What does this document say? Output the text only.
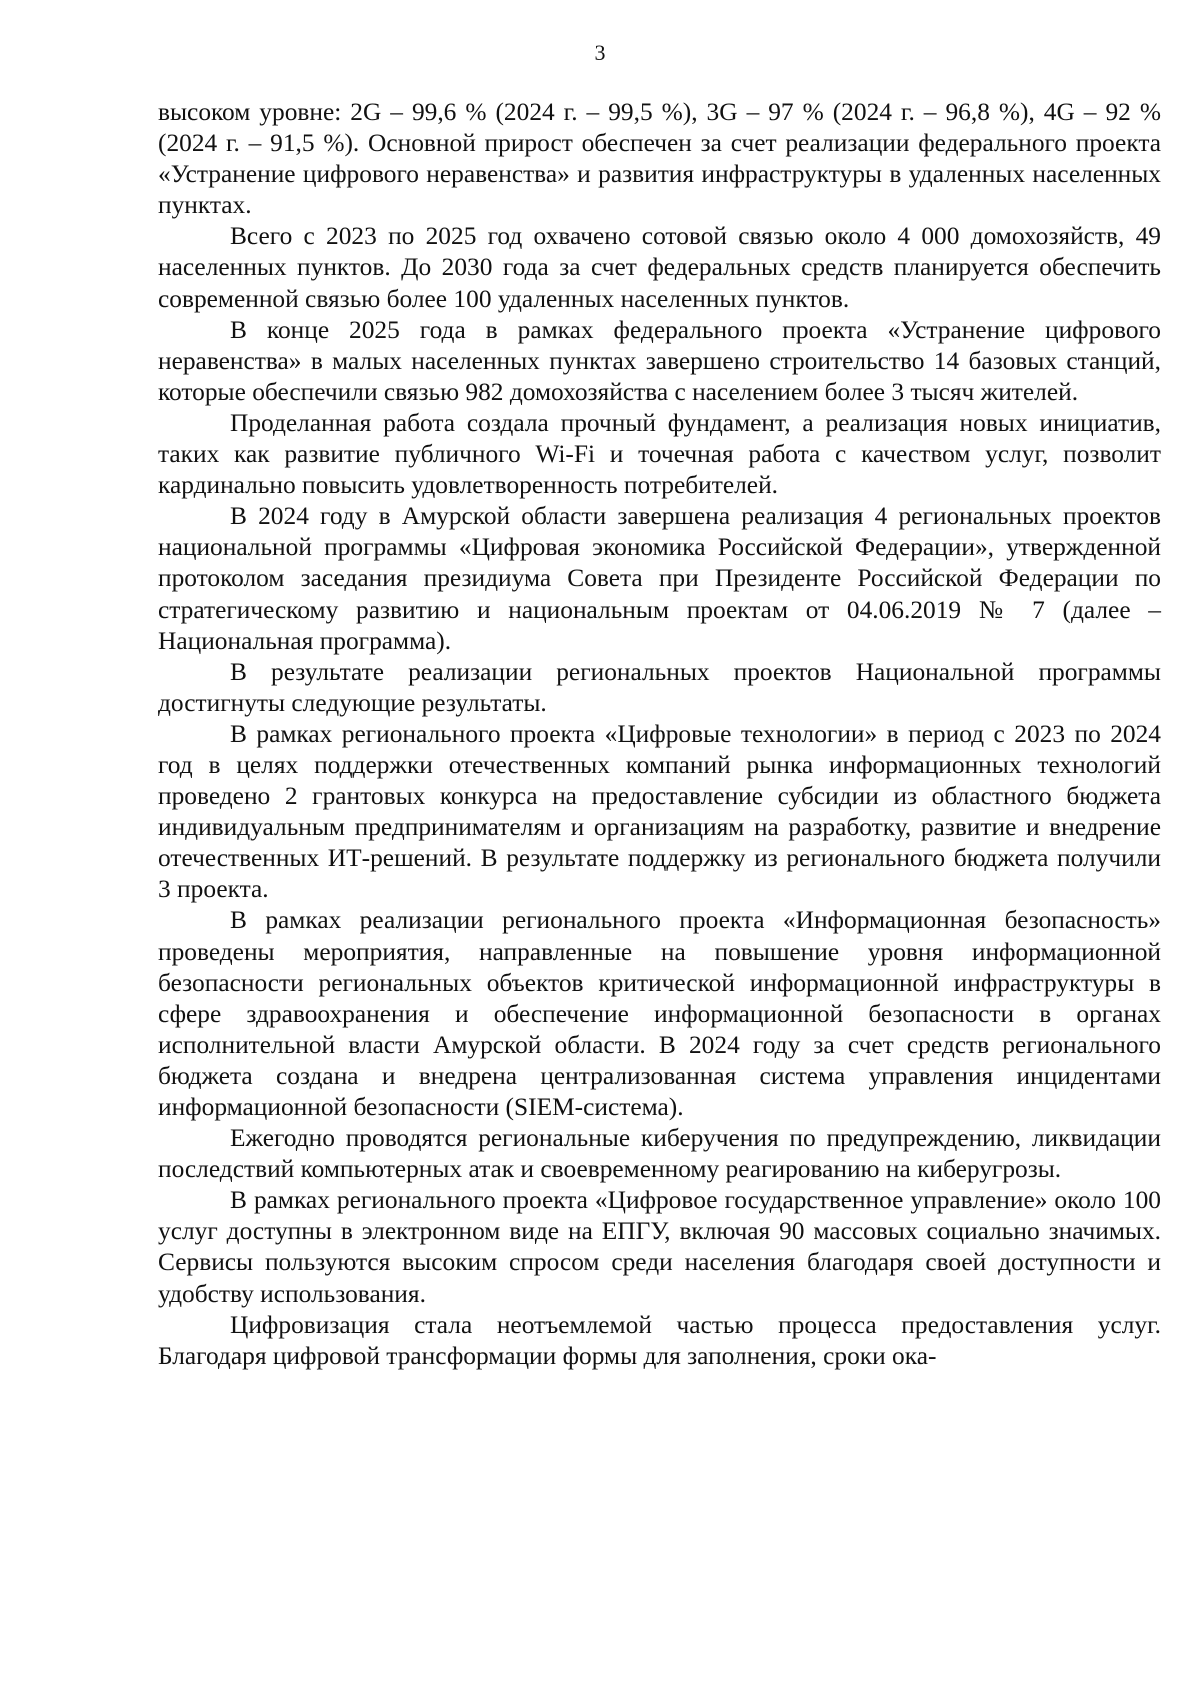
3

высоком уровне: 2G – 99,6 % (2024 г. – 99,5 %), 3G – 97 % (2024 г. – 96,8 %), 4G – 92 % (2024 г. – 91,5 %). Основной прирост обеспечен за счет реализации федерального проекта «Устранение цифрового неравенства» и развития инфраструктуры в удаленных населенных пунктах.

Всего с 2023 по 2025 год охвачено сотовой связью около 4 000 домохозяйств, 49 населенных пунктов. До 2030 года за счет федеральных средств планируется обеспечить современной связью более 100 удаленных населенных пунктов.

В конце 2025 года в рамках федерального проекта «Устранение цифрового неравенства» в малых населенных пунктах завершено строительство 14 базовых станций, которые обеспечили связью 982 домохозяйства с населением более 3 тысяч жителей.

Проделанная работа создала прочный фундамент, а реализация новых инициатив, таких как развитие публичного Wi-Fi и точечная работа с качеством услуг, позволит кардинально повысить удовлетворенность потребителей.

В 2024 году в Амурской области завершена реализация 4 региональных проектов национальной программы «Цифровая экономика Российской Федерации», утвержденной протоколом заседания президиума Совета при Президенте Российской Федерации по стратегическому развитию и национальным проектам от 04.06.2019 № 7 (далее – Национальная программа).

В результате реализации региональных проектов Национальной программы достигнуты следующие результаты.

В рамках регионального проекта «Цифровые технологии» в период с 2023 по 2024 год в целях поддержки отечественных компаний рынка информационных технологий проведено 2 грантовых конкурса на предоставление субсидии из областного бюджета индивидуальным предпринимателям и организациям на разработку, развитие и внедрение отечественных ИТ-решений. В результате поддержку из регионального бюджета получили 3 проекта.

В рамках реализации регионального проекта «Информационная безопасность» проведены мероприятия, направленные на повышение уровня информационной безопасности региональных объектов критической информационной инфраструктуры в сфере здравоохранения и обеспечение информационной безопасности в органах исполнительной власти Амурской области. В 2024 году за счет средств регионального бюджета создана и внедрена централизованная система управления инцидентами информационной безопасности (SIEM-система).

Ежегодно проводятся региональные киберучения по предупреждению, ликвидации последствий компьютерных атак и своевременному реагированию на киберугрозы.

В рамках регионального проекта «Цифровое государственное управление» около 100 услуг доступны в электронном виде на ЕПГУ, включая 90 массовых социально значимых. Сервисы пользуются высоким спросом среди населения благодаря своей доступности и удобству использования.

Цифровизация стала неотъемлемой частью процесса предоставления услуг. Благодаря цифровой трансформации формы для заполнения, сроки ока-
